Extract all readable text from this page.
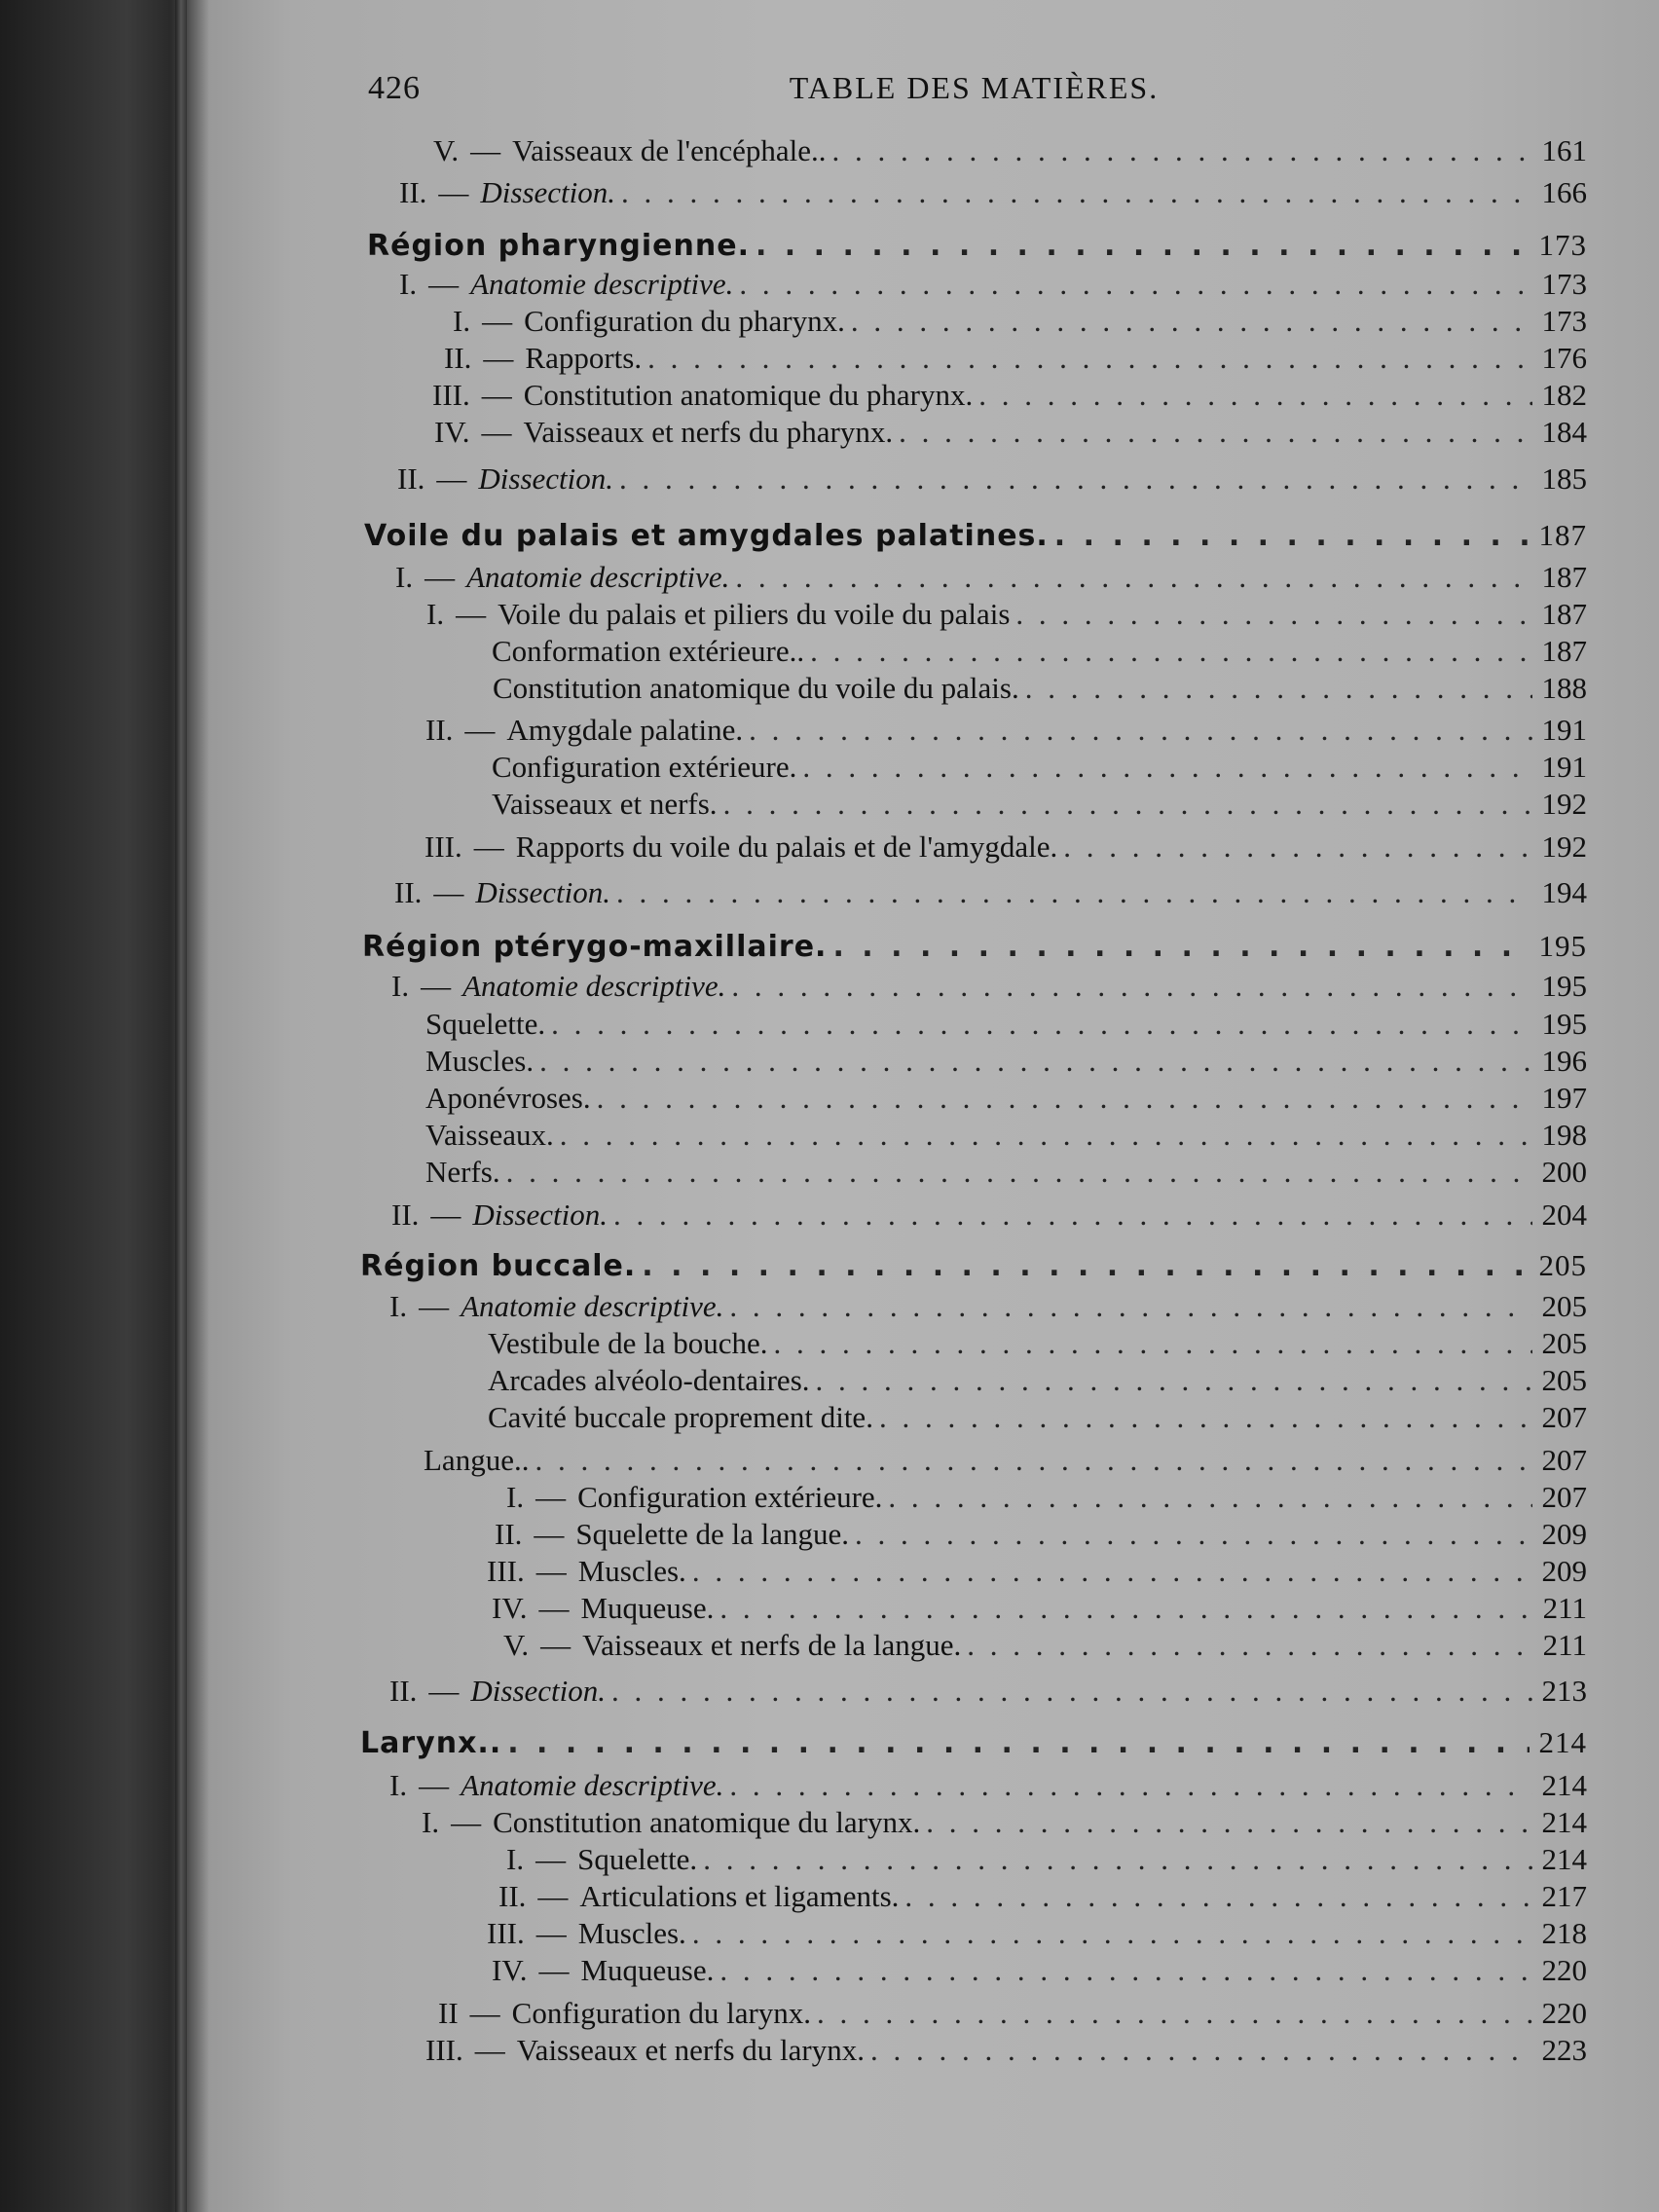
426	TABLE DES MATIÈRES.
V. — Vaisseaux de l'encéphale.. . . .	161
II. — Dissection. . . .	166
Région pharyngienne. . . .	173
I. — Anatomie descriptive. . . .	173
I. — Configuration du pharynx. . . .	173
II. — Rapports. . . .	176
III. — Constitution anatomique du pharynx. . . .	182
IV. — Vaisseaux et nerfs du pharynx. . . .	184
II. — Dissection. . . .	185
Voile du palais et amygdales palatines. . . .	187
I. — Anatomie descriptive. . . .	187
I. — Voile du palais et piliers du voile du palais . . .	187
Conformation extérieure.. . . .	187
Constitution anatomique du voile du palais. . . .	188
II. — Amygdale palatine. . . .	191
Configuration extérieure. . . .	191
Vaisseaux et nerfs. . . .	192
III. — Rapports du voile du palais et de l'amygdale. . . .	192
II. — Dissection. . . .	194
Région ptérygo-maxillaire. . . .	195
I. — Anatomie descriptive. . . .	195
Squelette. . . .	195
Muscles. . . .	196
Aponévroses. . . .	197
Vaisseaux. . . .	198
Nerfs. . . .	200
II. — Dissection. . . .	204
Région buccale. . . .	205
I. — Anatomie descriptive. . . .	205
Vestibule de la bouche. . . .	205
Arcades alvéolo-dentaires. . . .	205
Cavité buccale proprement dite. . . .	207
Langue.. . . .	207
I. — Configuration extérieure. . . .	207
II. — Squelette de la langue. . . .	209
III. — Muscles. . . .	209
IV. — Muqueuse. . . .	211
V. — Vaisseaux et nerfs de la langue. . . .	211
II. — Dissection. . . .	213
Larynx.. . . .	214
I. — Anatomie descriptive. . . .	214
I. — Constitution anatomique du larynx. . . .	214
I. — Squelette. . . .	214
II. — Articulations et ligaments. . . .	217
III. — Muscles. . . .	218
IV. — Muqueuse. . . .	220
II — Configuration du larynx. . . .	220
III. — Vaisseaux et nerfs du larynx. . . .	223
